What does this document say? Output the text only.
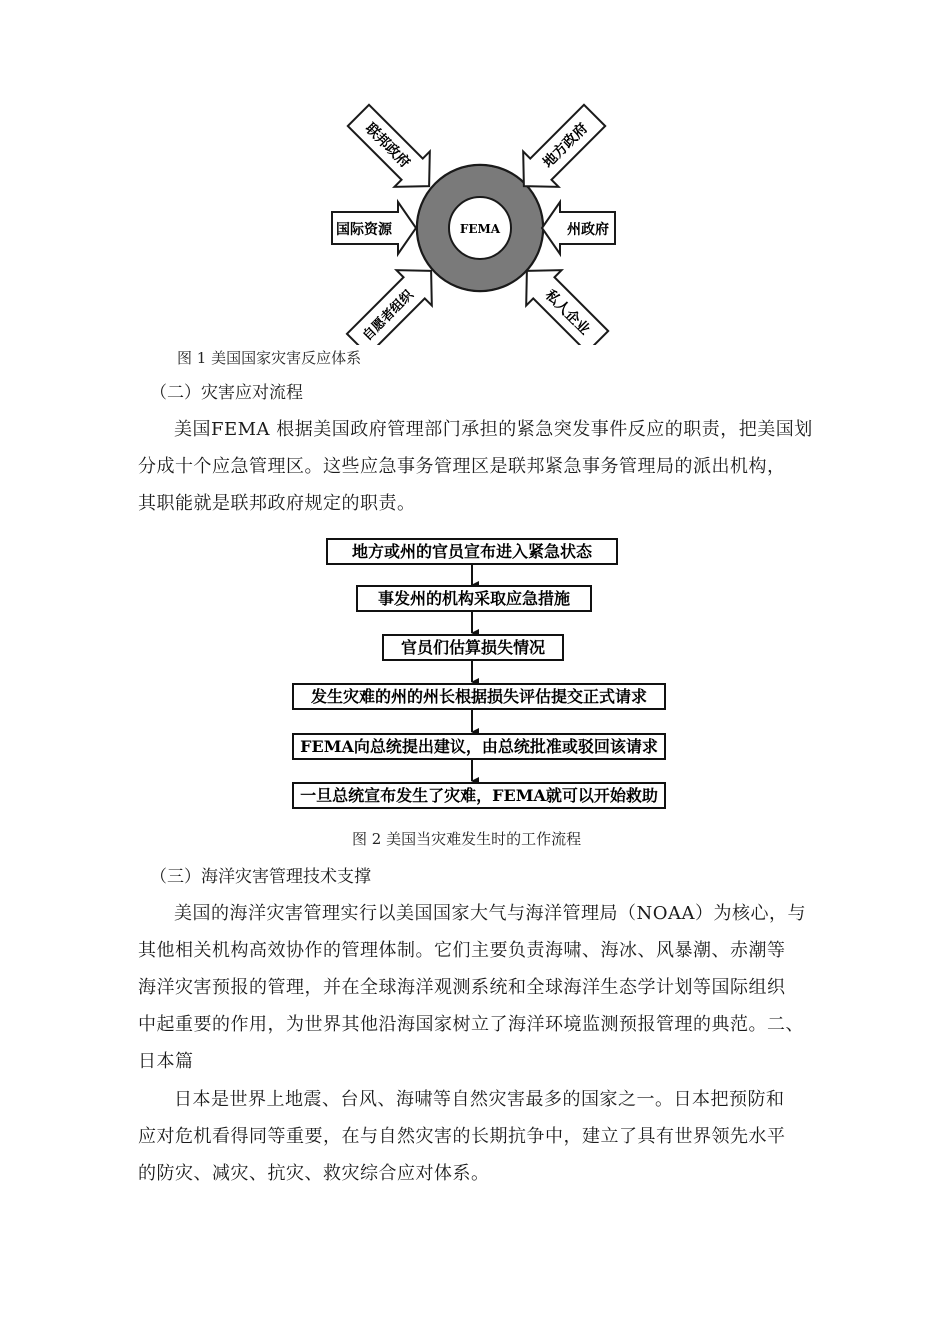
FEMA
国际资源	州政府
联邦政府	地方政府
自愿者组织	私人企业
图 1 美国国家灾害反应体系
（二）灾害应对流程

美国FEMA 根据美国政府管理部门承担的紧急突发事件反应的职责，把美国划

分成十个应急管理区。这些应急事务管理区是联邦紧急事务管理局的派出机构，

其职能就是联邦政府规定的职责。

地方或州的官员宣布进入紧急状态
事发州的机构采取应急措施
官员们估算损失情况
发生灾难的州的州长根据损失评估提交正式请求
FEMA向总统提出建议，由总统批准或驳回该请求
一旦总统宣布发生了灾难，FEMA就可以开始救助
图 2 美国当灾难发生时的工作流程
（三）海洋灾害管理技术支撑

美国的海洋灾害管理实行以美国国家大气与海洋管理局（NOAA）为核心，与

其他相关机构高效协作的管理体制。它们主要负责海啸、海冰、风暴潮、赤潮等

海洋灾害预报的管理，并在全球海洋观测系统和全球海洋生态学计划等国际组织

中起重要的作用，为世界其他沿海国家树立了海洋环境监测预报管理的典范。二、

日本篇

日本是世界上地震、台风、海啸等自然灾害最多的国家之一。日本把预防和

应对危机看得同等重要，在与自然灾害的长期抗争中，建立了具有世界领先水平

的防灾、减灾、抗灾、救灾综合应对体系。
